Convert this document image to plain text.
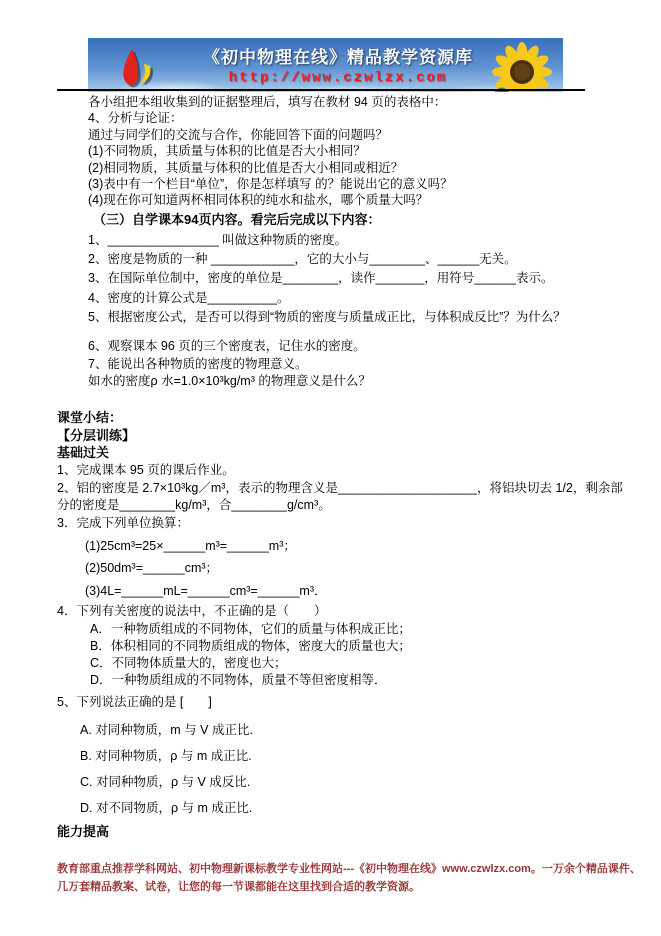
《初中物理在线》精品教学资源库
http://www.czwlzx.com
各小组把本组收集到的证据整理后，填写在教材 94 页的表格中：
4、分析与论证：
通过与同学们的交流与合作，你能回答下面的问题吗？
(1)不同物质，其质量与体积的比值是否大小相同？
(2)相同物质，其质量与体积的比值是否大小相同或相近？
(3)表中有一个栏目“单位”，你是怎样填写 的？能说出它的意义吗？
(4)现在你可知道两杯相同体积的纯水和盐水，哪个质量大吗？
（三）自学课本94页内容。看完后完成以下内容：
1、________________ 叫做这种物质的密度。
2、密度是物质的一种 ____________，它的大小与________、______无关。
3、在国际单位制中，密度的单位是________，读作_______，用符号______表示。
4、密度的计算公式是__________。
5、根据密度公式，是否可以得到“物质的密度与质量成正比，与体积成反比”？为什么？
6、观察课本 96 页的三个密度表，记住水的密度。
7、能说出各种物质的密度的物理意义。
如水的密度ρ 水=1.0×10³kg/m³ 的物理意义是什么？
课堂小结：
【分层训练】
基础过关
1、完成课本 95 页的课后作业。
2、铝的密度是 2.7×10³kg／m³，表示的物理含义是____________________，将铝块切去 1/2，剩余部
分的密度是________kg/m³，合________g/cm³。
3．完成下列单位换算：
(1)25cm³=25×______m³=______m³；
(2)50dm³=______cm³；
(3)4L=______mL=______cm³=______m³．
4．下列有关密度的说法中，不正确的是（　　）
A．一种物质组成的不同物体，它们的质量与体积成正比；
B．体积相同的不同物质组成的物体，密度大的质量也大；
C．不同物体质量大的，密度也大；
D．一种物质组成的不同物体，质量不等但密度相等．
5、下列说法正确的是 [　　]
A. 对同种物质，m 与 V 成正比.
B. 对同种物质，ρ 与 m 成正比.
C. 对同种物质，ρ 与 V 成反比.
D. 对不同物质，ρ 与 m 成正比.
能力提高
教育部重点推荐学科网站、初中物理新课标教学专业性网站---《初中物理在线》www.czwlzx.com。一万余个精品课件、
几万套精品教案、试卷，让您的每一节课都能在这里找到合适的教学资源。
